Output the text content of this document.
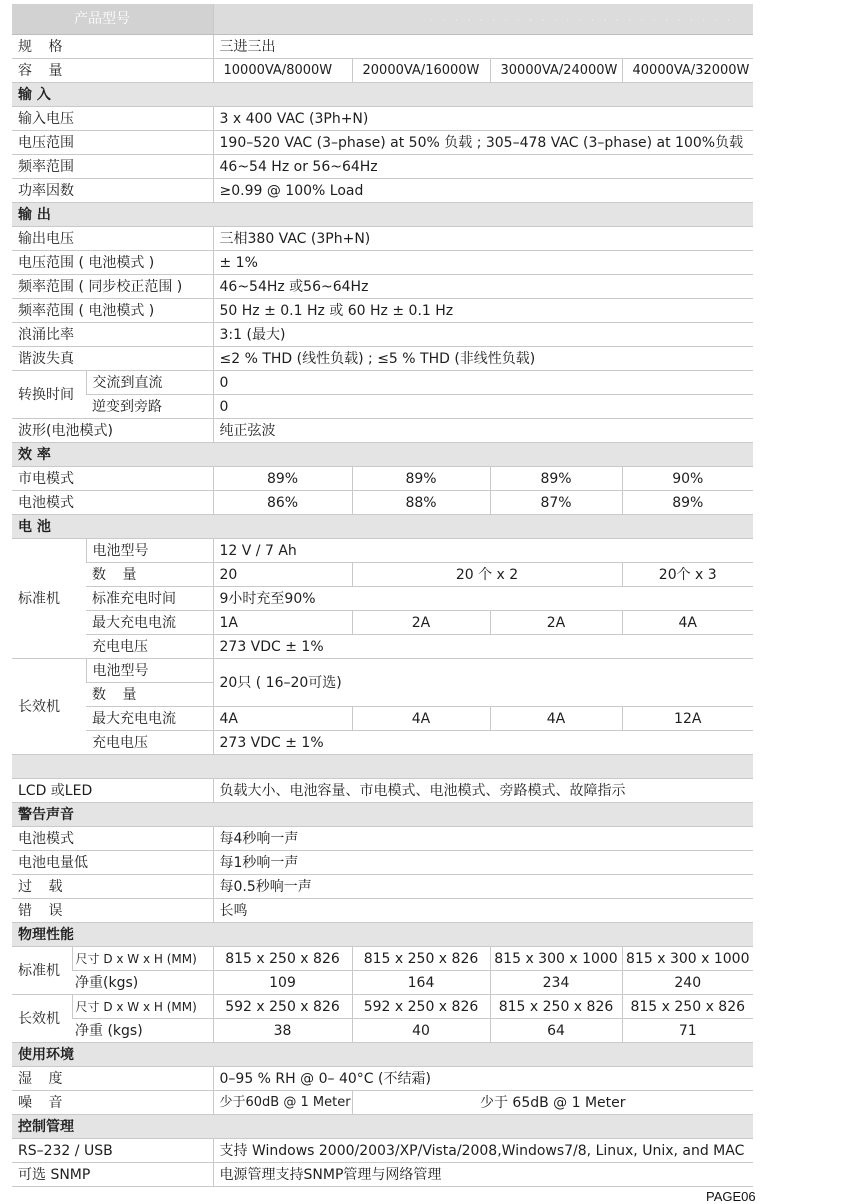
产品型号			. . . . . . . . . . . . . . . . . . . . . . . . .			
规 格			三进三出			
容 量			10000VA/8000W	20000VA/16000W	30000VA/24000W	40000VA/32000W
输 入						
输入电压			3 x 400 VAC (3Ph+N)			
电压范围			190–520 VAC (3–phase) at 50% 负载 ; 305–478 VAC (3–phase) at 100%负载			
频率范围			46~54 Hz or 56~64Hz			
功率因数			≥0.99 @ 100% Load			
输 出						
输出电压			三相380 VAC (3Ph+N)			
电压范围 ( 电池模式 )			± 1%			
频率范围 ( 同步校正范围 )			46~54Hz 或56~64Hz			
频率范围 ( 电池模式 )			50 Hz ± 0.1 Hz 或 60 Hz ± 0.1 Hz			
浪涌比率			3:1 (最大)			
谐波失真			≤2 % THD (线性负载) ; ≤5 % THD (非线性负载)			
转换时间		交流到直流	0			
		逆变到旁路	0			
波形(电池模式)			纯正弦波			
效 率						
市电模式			89%	89%	89%	90%
电池模式			86%	88%	87%	89%
电 池						
标准机		电池型号	12 V / 7 Ah			
		数 量	20	20 个 x 2		20个 x 3
		标准充电时间	9小时充至90%			
		最大充电电流	1A	2A	2A	4A
		充电电压	273 VDC ± 1%			
长效机		电池型号	20只 ( 16–20可选)			
		数 量				
		最大充电电流	4A	4A	4A	12A
		充电电压	273 VDC ± 1%			

LCD 或LED			负载大小、电池容量、市电模式、电池模式、旁路模式、故障指示			
警告声音						
电池模式			每4秒响一声			
电池电量低			每1秒响一声			
过 载			每0.5秒响一声			
错 误			长鸣			
物理性能						
标准机	尺寸 D x W x H (MM)		815 x 250 x 826	815 x 250 x 826	815 x 300 x 1000	815 x 300 x 1000
	净重(kgs)		109	164	234	240
长效机	尺寸 D x W x H (MM)		592 x 250 x 826	592 x 250 x 826	815 x 250 x 826	815 x 250 x 826
	净重 (kgs)		38	40	64	71
使用环境						
湿 度			0–95 % RH @ 0– 40°C (不结霜)			
噪 音			少于60dB @ 1 Meter	少于 65dB @ 1 Meter		
控制管理						
RS–232 / USB			支持 Windows 2000/2003/XP/Vista/2008,Windows7/8, Linux, Unix, and MAC			
可选 SNMP			电源管理支持SNMP管理与网络管理			
PAGE06
